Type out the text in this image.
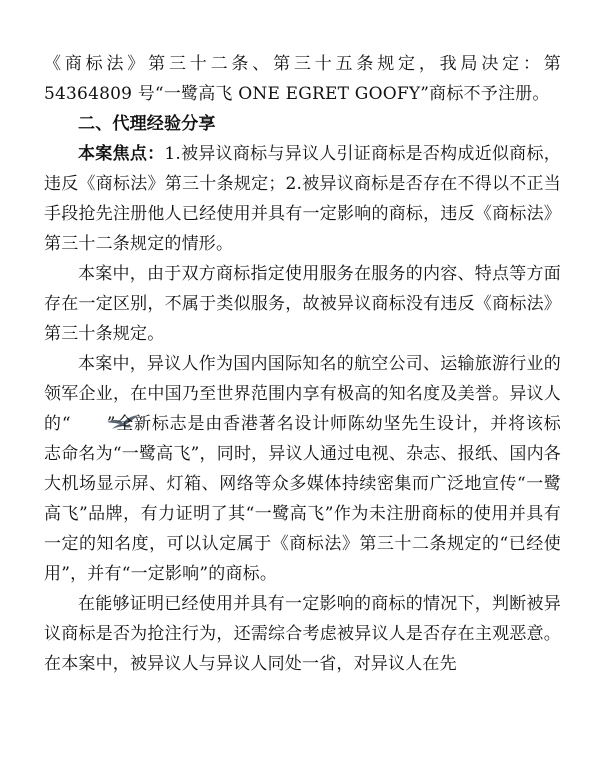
《商标法》第三十二条、第三十五条规定，我局决定：第 54364809 号“一鹭高飞 ONE EGRET GOOFY”商标不予注册。

二、代理经验分享

本案焦点：1.被异议商标与异议人引证商标是否构成近似商标，违反《商标法》第三十条规定；2.被异议商标是否存在不得以不正当手段抢先注册他人已经使用并具有一定影响的商标，违反《商标法》第三十二条规定的情形。

本案中，由于双方商标指定使用服务在服务的内容、特点等方面存在一定区别，不属于类似服务，故被异议商标没有违反《商标法》第三十条规定。

本案中，异议人作为国内国际知名的航空公司、运输旅游行业的领军企业，在中国乃至世界范围内享有极高的知名度及美誉。异议人的“ ”全新标志是由香港著名设计师陈幼坚先生设计，并将该标志命名为“一鹭高飞”，同时，异议人通过电视、杂志、报纸、国内各大机场显示屏、灯箱、网络等众多媒体持续密集而广泛地宣传“一鹭高飞”品牌，有力证明了其“一鹭高飞”作为未注册商标的使用并具有一定的知名度，可以认定属于《商标法》第三十二条规定的“已经使用”，并有“一定影响”的商标。

在能够证明已经使用并具有一定影响的商标的情况下，判断被异议商标是否为抢注行为，还需综合考虑被异议人是否存在主观恶意。在本案中，被异议人与异议人同处一省，对异议人在先
